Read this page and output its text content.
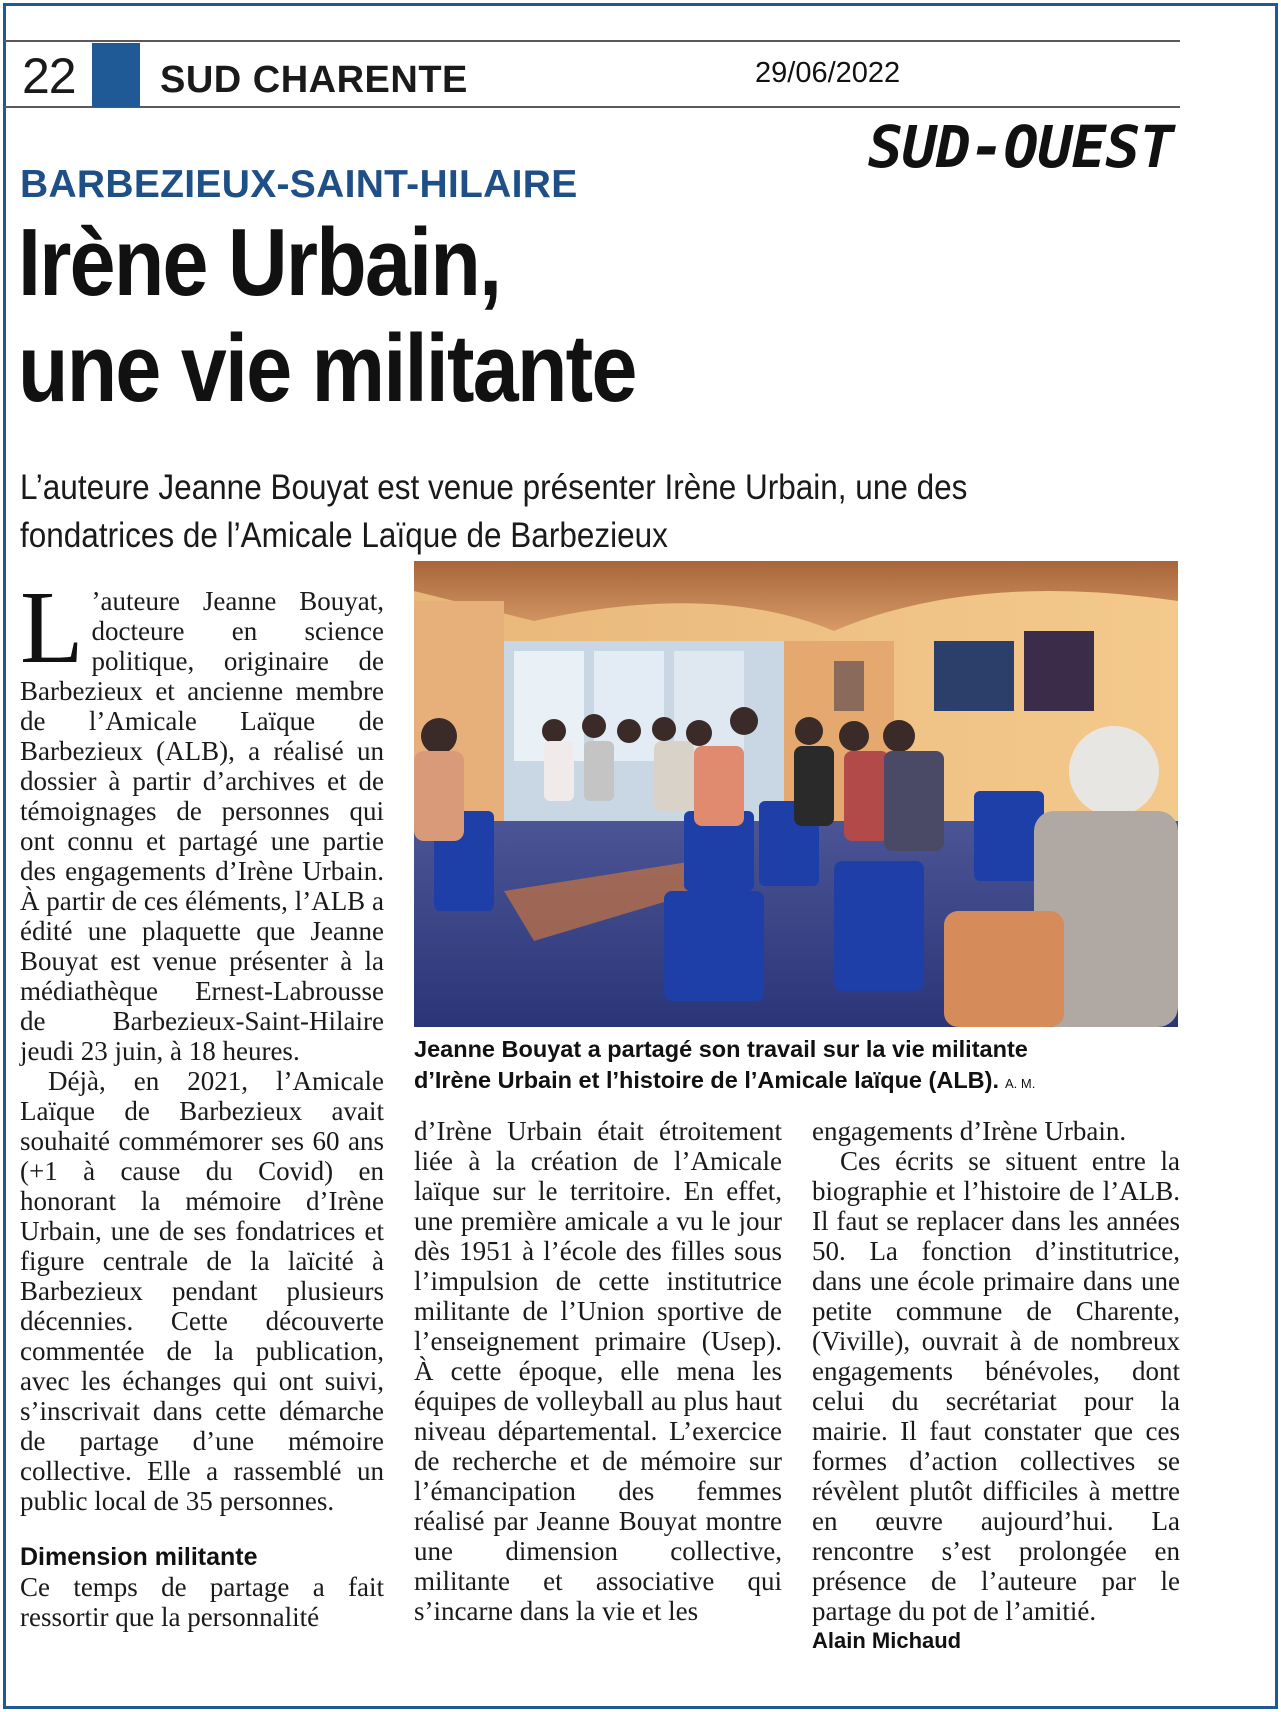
22 SUD CHARENTE	29/06/2022
SUD-OUEST
BARBEZIEUX-SAINT-HILAIRE
Irène Urbain,
une vie militante
L’auteure Jeanne Bouyat est venue présenter Irène Urbain, une des
fondatrices de l’Amicale Laïque de Barbezieux
Jeanne Bouyat a partagé son travail sur la vie militante
d’Irène Urbain et l’histoire de l’Amicale laïque (ALB). A. M.

L ’auteure Jeanne Bouyat, docteure en science politique, originaire de Barbezieux et ancienne membre de l’Amicale Laïque de Barbezieux (ALB), a réalisé un dossier à partir d’archives et de témoignages de personnes qui ont connu et partagé une partie des engagements d’Irène Urbain. À partir de ces éléments, l’ALB a édité une plaquette que Jeanne Bouyat est venue présenter à la médiathèque Ernest-Labrousse de Barbezieux-Saint-Hilaire jeudi 23 juin, à 18 heures.

Déjà, en 2021, l’Amicale Laïque de Barbezieux avait souhaité commémorer ses 60 ans (+1 à cause du Covid) en honorant la mémoire d’Irène Urbain, une de ses fondatrices et figure centrale de la laïcité à Barbezieux pendant plusieurs décennies. Cette découverte commentée de la publication, avec les échanges qui ont suivi, s’inscrivait dans cette démarche de partage d’une mémoire collective. Elle a rassemblé un public local de 35 personnes.

Dimension militante

Ce temps de partage a fait ressortir que la personnalité

d’Irène Urbain était étroitement liée à la création de l’Amicale laïque sur le territoire. En effet, une première amicale a vu le jour dès 1951 à l’école des filles sous l’impulsion de cette institutrice militante de l’Union sportive de l’enseignement primaire (Usep). À cette époque, elle mena les équipes de volleyball au plus haut niveau départemental. L’exercice de recherche et de mémoire sur l’émancipation des femmes réalisé par Jeanne Bouyat montre une dimension collective, militante et associative qui s’incarne dans la vie et les

engagements d’Irène Urbain.

Ces écrits se situent entre la biographie et l’histoire de l’ALB. Il faut se replacer dans les années 50. La fonction d’institutrice, dans une école primaire dans une petite commune de Charente, (Viville), ouvrait à de nombreux engagements bénévoles, dont celui du secrétariat pour la mairie. Il faut constater que ces formes d’action collectives se révèlent plutôt difficiles à mettre en œuvre aujourd’hui. La rencontre s’est prolongée en présence de l’auteure par le partage du pot de l’amitié.

Alain Michaud
